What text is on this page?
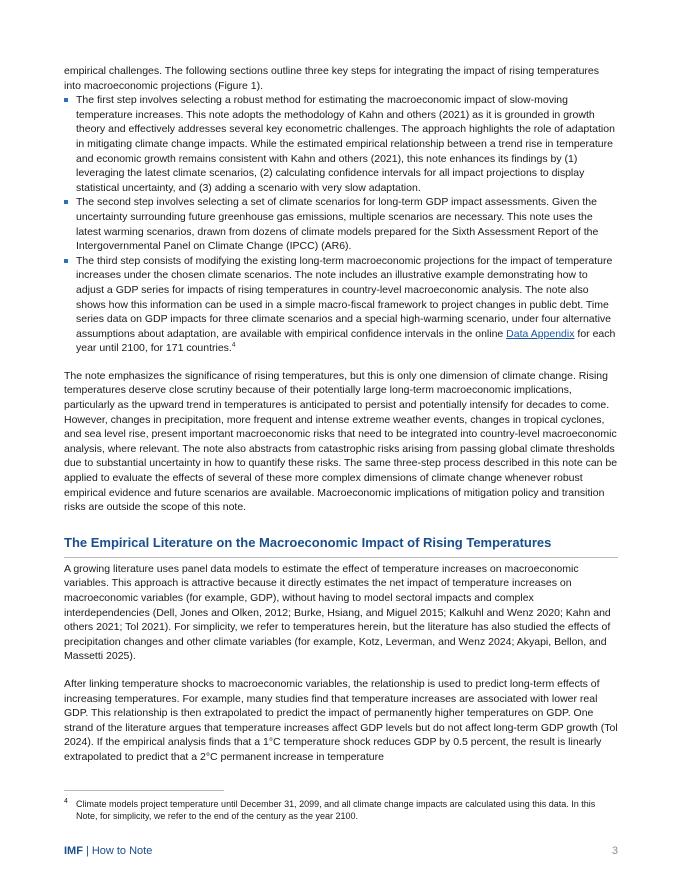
empirical challenges. The following sections outline three key steps for integrating the impact of rising temperatures into macroeconomic projections (Figure 1).

The first step involves selecting a robust method for estimating the macroeconomic impact of slow-moving temperature increases. This note adopts the methodology of Kahn and others (2021) as it is grounded in growth theory and effectively addresses several key econometric challenges. The approach highlights the role of adaptation in mitigating climate change impacts. While the estimated empirical relationship between a trend rise in temperature and economic growth remains consistent with Kahn and others (2021), this note enhances its findings by (1) leveraging the latest climate scenarios, (2) calculating confidence intervals for all impact projections to display statistical uncertainty, and (3) adding a scenario with very slow adaptation.
The second step involves selecting a set of climate scenarios for long-term GDP impact assessments. Given the uncertainty surrounding future greenhouse gas emissions, multiple scenarios are necessary. This note uses the latest warming scenarios, drawn from dozens of climate models prepared for the Sixth Assessment Report of the Intergovernmental Panel on Climate Change (IPCC) (AR6).
The third step consists of modifying the existing long-term macroeconomic projections for the impact of temperature increases under the chosen climate scenarios. The note includes an illustrative example demonstrating how to adjust a GDP series for impacts of rising temperatures in country-level macroeconomic analysis. The note also shows how this information can be used in a simple macro-fiscal framework to project changes in public debt. Time series data on GDP impacts for three climate scenarios and a special high-warming scenario, under four alternative assumptions about adaptation, are available with empirical confidence intervals in the online Data Appendix for each year until 2100, for 171 countries.$^4$

The note emphasizes the significance of rising temperatures, but this is only one dimension of climate change. Rising temperatures deserve close scrutiny because of their potentially large long-term macroeconomic implications, particularly as the upward trend in temperatures is anticipated to persist and potentially intensify for decades to come. However, changes in precipitation, more frequent and intense extreme weather events, changes in tropical cyclones, and sea level rise, present important macroeconomic risks that need to be integrated into country-level macroeconomic analysis, where relevant. The note also abstracts from catastrophic risks arising from passing global climate thresholds due to substantial uncertainty in how to quantify these risks. The same three-step process described in this note can be applied to evaluate the effects of several of these more complex dimensions of climate change whenever robust empirical evidence and future scenarios are available. Macroeconomic implications of mitigation policy and transition risks are outside the scope of this note.

The Empirical Literature on the Macroeconomic Impact of Rising Temperatures

A growing literature uses panel data models to estimate the effect of temperature increases on macroeconomic variables. This approach is attractive because it directly estimates the net impact of temperature increases on macroeconomic variables (for example, GDP), without having to model sectoral impacts and complex interdependencies (Dell, Jones and Olken, 2012; Burke, Hsiang, and Miguel 2015; Kalkuhl and Wenz 2020; Kahn and others 2021; Tol 2021). For simplicity, we refer to temperatures herein, but the literature has also studied the effects of precipitation changes and other climate variables (for example, Kotz, Leverman, and Wenz 2024; Akyapi, Bellon, and Massetti 2025).

After linking temperature shocks to macroeconomic variables, the relationship is used to predict long-term effects of increasing temperatures. For example, many studies find that temperature increases are associated with lower real GDP. This relationship is then extrapolated to predict the impact of permanently higher temperatures on GDP. One strand of the literature argues that temperature increases affect GDP levels but do not affect long-term GDP growth (Tol 2024). If the empirical analysis finds that a 1°C temperature shock reduces GDP by 0.5 percent, the result is linearly extrapolated to predict that a 2°C permanent increase in temperature

4 Climate models project temperature until December 31, 2099, and all climate change impacts are calculated using this data. In this Note, for simplicity, we refer to the end of the century as the year 2100.
IMF | How to Note	3
